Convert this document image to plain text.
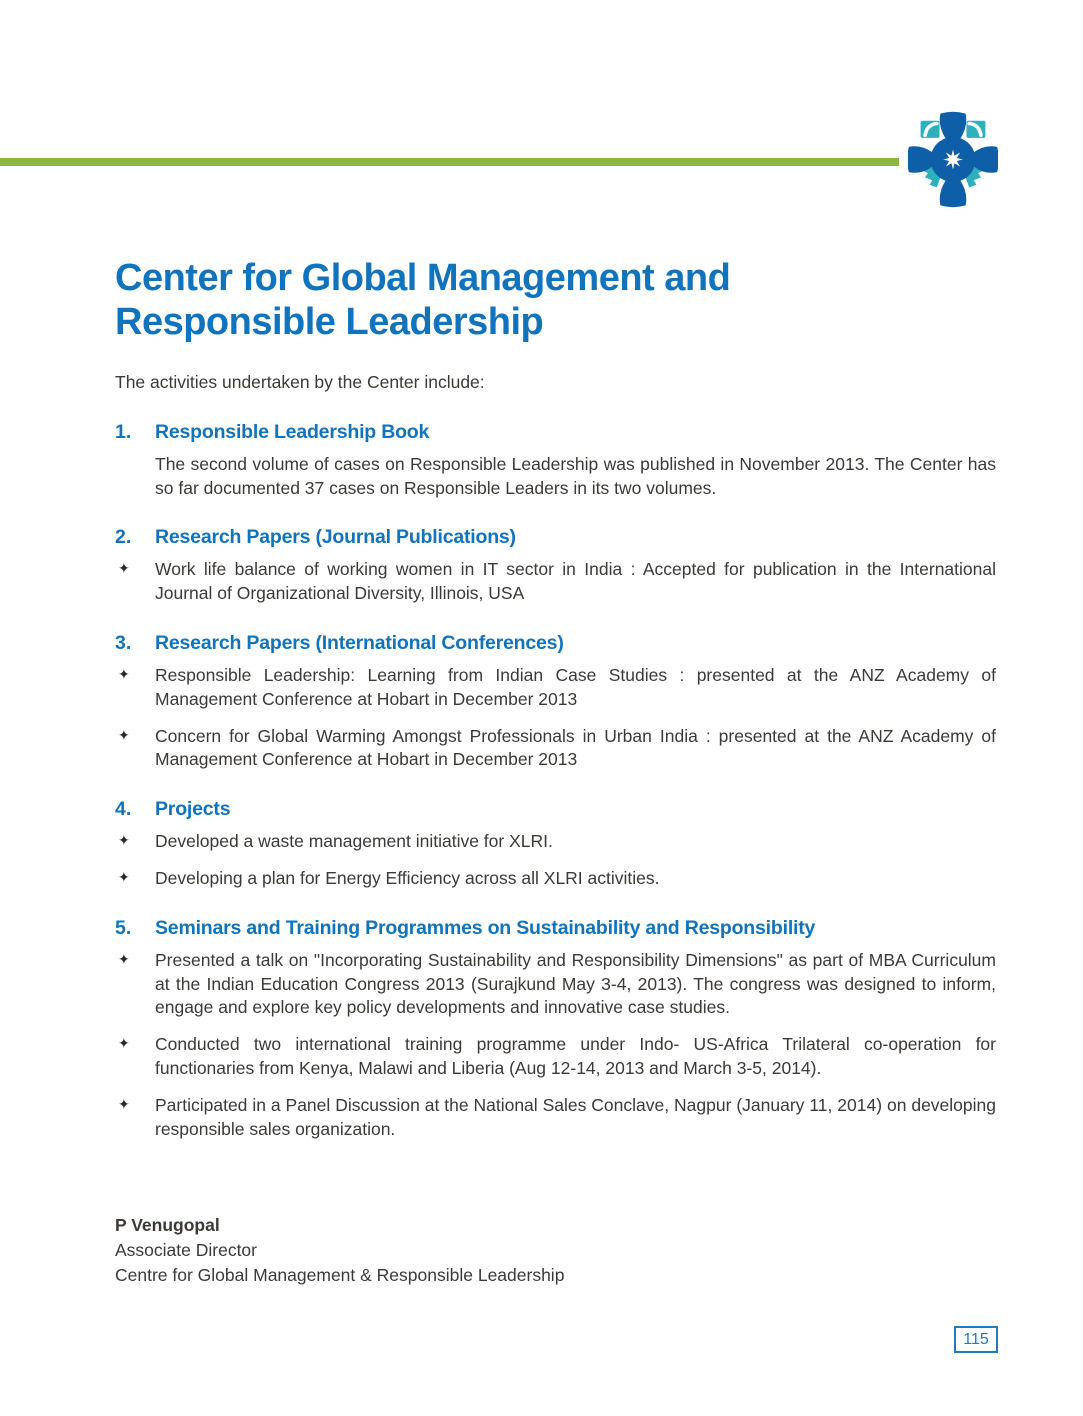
Center for Global Management and
Responsible Leadership

The activities undertaken by the Center include:

1.	Responsible Leadership Book

The second volume of cases on Responsible Leadership was published in November 2013. The Center has so far documented 37 cases on Responsible Leaders in its two volumes.

2.	Research Papers (Journal Publications)
✦	Work life balance of working women in IT sector in India : Accepted for publication in the International Journal of Organizational Diversity, Illinois, USA

3.	Research Papers (International Conferences)
✦	Responsible Leadership: Learning from Indian Case Studies : presented at the ANZ Academy of Management Conference at Hobart in December 2013

✦	Concern for Global Warming Amongst Professionals in Urban India : presented at the ANZ Academy of Management Conference at Hobart in December 2013

4.	Projects
✦	Developed a waste management initiative for XLRI.

✦	Developing a plan for Energy Efficiency across all XLRI activities.

5.	Seminars and Training Programmes on Sustainability and Responsibility
✦	Presented a talk on "Incorporating Sustainability and Responsibility Dimensions" as part of MBA Curriculum at the Indian Education Congress 2013 (Surajkund May 3-4, 2013). The congress was designed to inform, engage and explore key policy developments and innovative case studies.

✦	Conducted two international training programme under Indo- US-Africa Trilateral co-operation for functionaries from Kenya, Malawi and Liberia (Aug 12-14, 2013 and March 3-5, 2014).

✦	Participated in a Panel Discussion at the National Sales Conclave, Nagpur (January 11, 2014) on developing responsible sales organization.

P Venugopal
Associate Director
Centre for Global Management & Responsible Leadership
115
